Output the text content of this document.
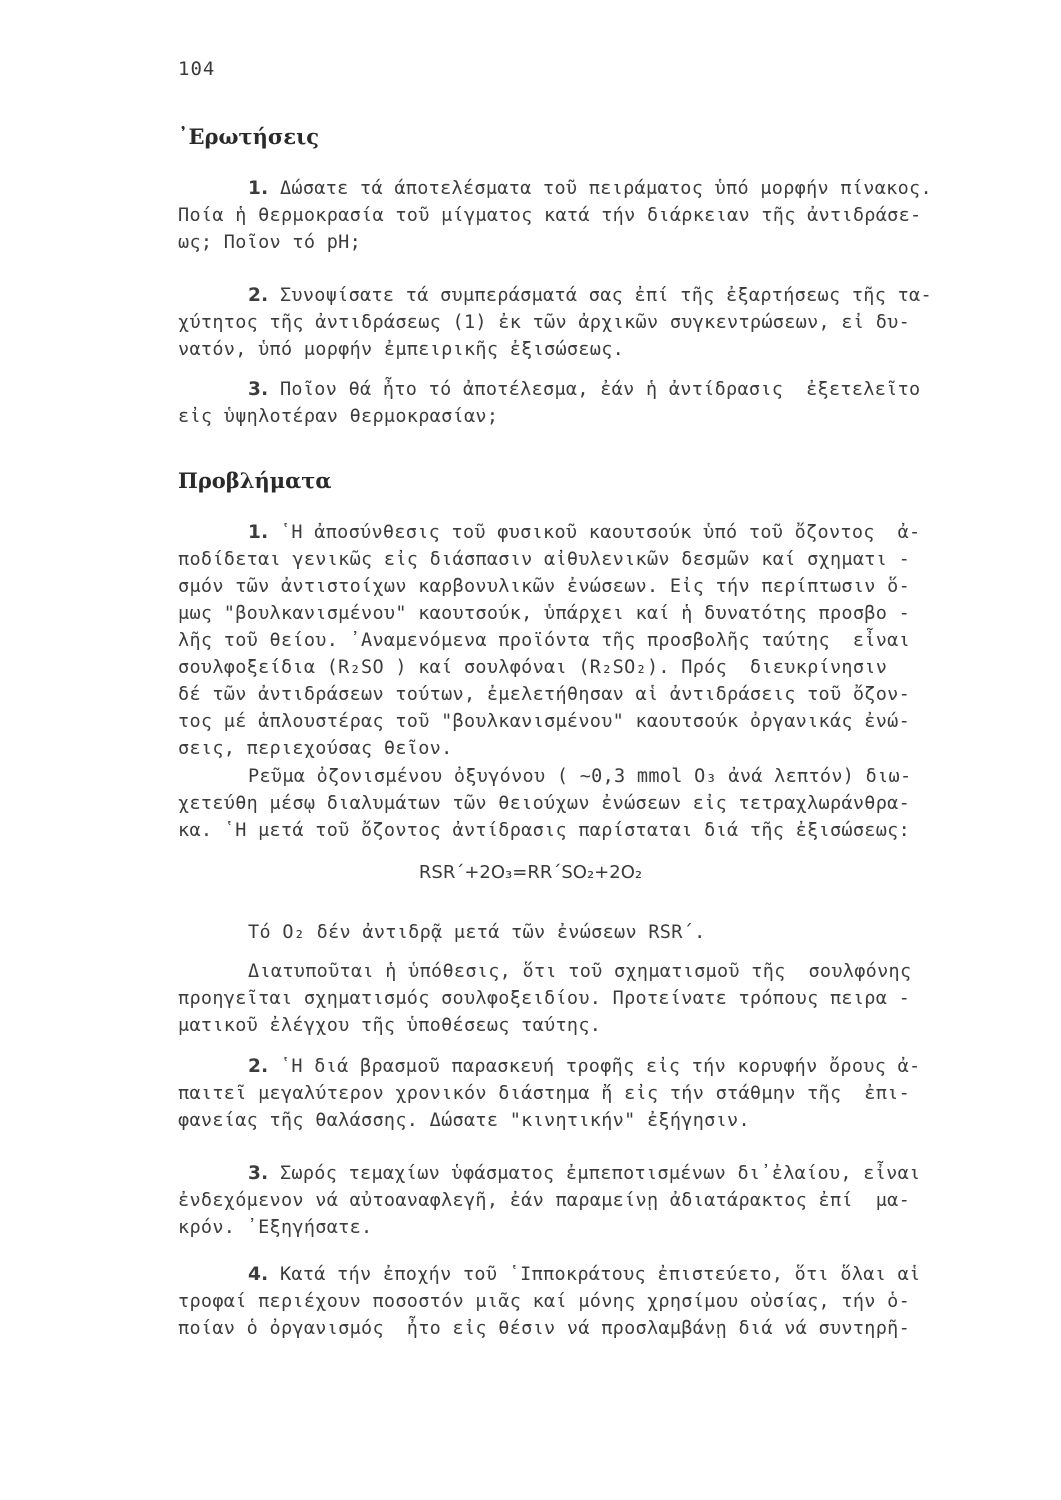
104
᾽Ερωτήσεις
1. Δώσατε τά άποτελέσματα τοῦ πειράματος ὑπό μορφήν πίνακος.
Ποία ἡ θερμοκρασία τοῦ μίγματος κατά τήν διάρκειαν τῆς ἀντιδράσε-
ως; Ποῖον τό pH;
2. Συνοψίσατε τά συμπεράσματά σας ἐπί τῆς ἐξαρτήσεως τῆς τα-
χύτητος τῆς ἀντιδράσεως (1) ἐκ τῶν ἀρχικῶν συγκεντρώσεων, εἰ δυ-
νατόν, ὑπό μορφήν ἐμπειρικῆς ἐξισώσεως.
3. Ποῖον θά ἦτο τό ἀποτέλεσμα, ἐάν ἡ ἀντίδρασις  ἐξετελεῖτο
εἰς ὑψηλοτέραν θερμοκρασίαν;
Προβλήματα
1. ῾Η ἀποσύνθεσις τοῦ φυσικοῦ καουτσούκ ὑπό τοῦ ὄζοντος  ἀ-
ποδίδεται γενικῶς εἰς διάσπασιν αἰθυλενικῶν δεσμῶν καί σχηματι -
σμόν τῶν ἀντιστοίχων καρβονυλικῶν ἐνώσεων. Εἰς τήν περίπτωσιν ὅ-
μως "βουλκανισμένου" καουτσούκ, ὑπάρχει καί ἡ δυνατότης προσβο -
λῆς τοῦ θείου. ᾽Αναμενόμενα προϊόντα τῆς προσβολῆς ταύτης  εἶναι
σουλφοξείδια (R₂SO ) καί σουλφόναι (R₂SO₂). Πρός  διευκρίνησιν
δέ τῶν ἀντιδράσεων τούτων, ἐμελετήθησαν αἱ ἀντιδράσεις τοῦ ὄζον-
τος μέ ἁπλουστέρας τοῦ "βουλκανισμένου" καουτσούκ ὀργανικάς ἐνώ-
σεις, περιεχούσας θεῖον.
Ρεῦμα ὀζονισμένου ὀξυγόνου ( ~0,3 mmol O₃ ἀνά λεπτόν) διω-
χετεύθη μέσῳ διαλυμάτων τῶν θειούχων ἐνώσεων εἰς τετραχλωράνθρα-
κα. ῾Η μετά τοῦ ὄζοντος ἀντίδρασις παρίσταται διά τῆς ἐξισώσεως:
RSR´+2O₃=RR´SO₂+2O₂
Τό O₂ δέν ἀντιδρᾷ μετά τῶν ἐνώσεων RSR´.
Διατυποῦται ἡ ὑπόθεσις, ὅτι τοῦ σχηματισμοῦ τῆς  σουλφόνης
προηγεῖται σχηματισμός σουλφοξειδίου. Προτείνατε τρόπους πειρα -
ματικοῦ ἐλέγχου τῆς ὑποθέσεως ταύτης.
2. ῾Η διά βρασμοῦ παρασκευή τροφῆς εἰς τήν κορυφήν ὄρους ἀ-
παιτεῖ μεγαλύτερον χρονικόν διάστημα ἤ εἰς τήν στάθμην τῆς  ἐπι-
φανείας τῆς θαλάσσης. Δώσατε "κινητικήν" ἐξήγησιν.
3. Σωρός τεμαχίων ὑφάσματος ἐμπεποτισμένων δι᾽ἐλαίου, εἶναι
ἐνδεχόμενον νά αὐτοαναφλεγῆ, ἐάν παραμείνῃ ἀδιατάρακτος ἐπί  μα-
κρόν. ᾽Εξηγήσατε.
4. Κατά τήν ἐποχήν τοῦ ῾Ιπποκράτους ἐπιστεύετο, ὅτι ὅλαι αἱ
τροφαί περιέχουν ποσοστόν μιᾶς καί μόνης χρησίμου οὐσίας, τήν ὁ-
ποίαν ὁ ὀργανισμός  ἦτο εἰς θέσιν νά προσλαμβάνῃ διά νά συντηρῆ-
